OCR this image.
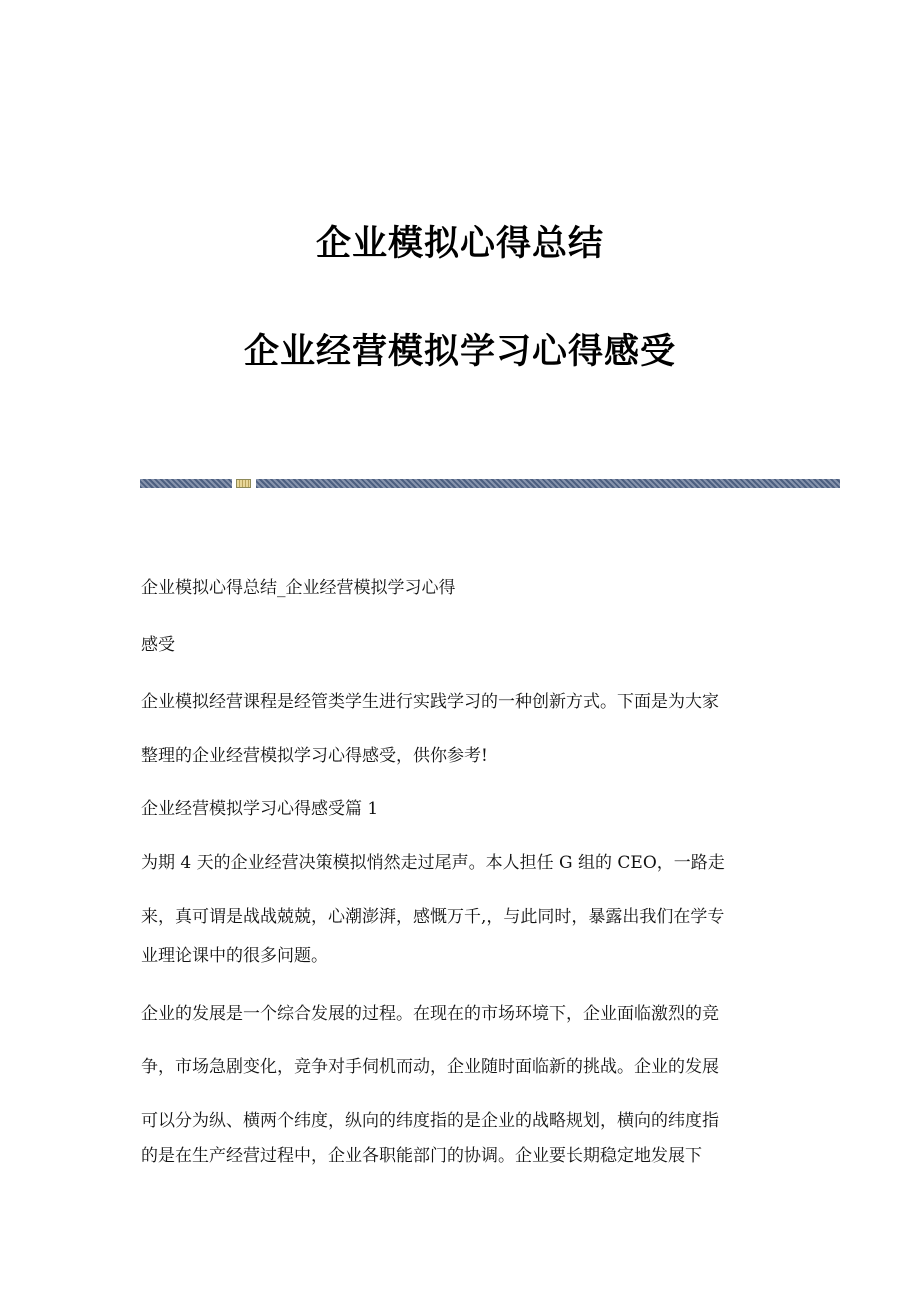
企业模拟心得总结
企业经营模拟学习心得感受

企业模拟心得总结_企业经营模拟学习心得

感受

企业模拟经营课程是经管类学生进行实践学习的一种创新方式。下面是为大家

整理的企业经营模拟学习心得感受，供你参考!

企业经营模拟学习心得感受篇 1

为期 4 天的企业经营决策模拟悄然走过尾声。本人担任 G 组的 CEO，一路走

来，真可谓是战战兢兢，心潮澎湃，感慨万千,，与此同时，暴露出我们在学专

业理论课中的很多问题。

企业的发展是一个综合发展的过程。在现在的市场环境下，企业面临激烈的竞

争，市场急剧变化，竞争对手伺机而动，企业随时面临新的挑战。企业的发展

可以分为纵、横两个纬度，纵向的纬度指的是企业的战略规划，横向的纬度指

的是在生产经营过程中，企业各职能部门的协调。企业要长期稳定地发展下
